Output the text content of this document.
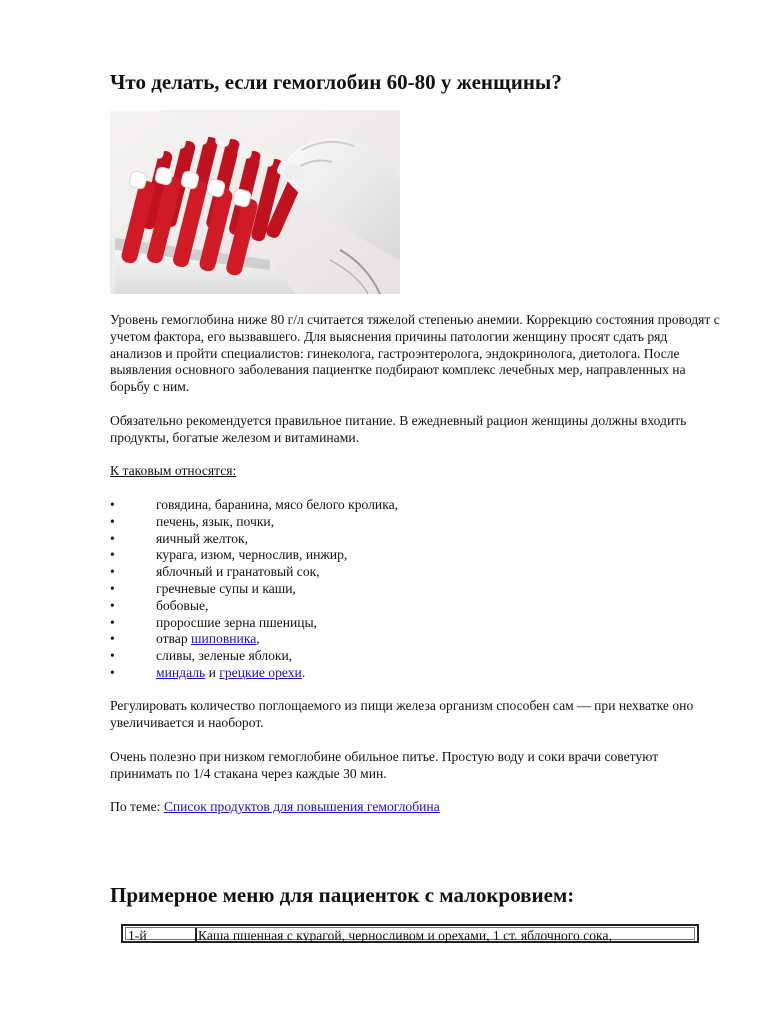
Что делать, если гемоглобин 60-80 у женщины?

Уровень гемоглобина ниже 80 г/л считается тяжелой степенью анемии. Коррекцию состояния проводят с учетом фактора, его вызвавшего. Для выяснения причины патологии женщину просят сдать ряд анализов и пройти специалистов: гинеколога, гастроэнтеролога, эндокринолога, диетолога. После выявления основного заболевания пациентке подбирают комплекс лечебных мер, направленных на борьбу с ним.

Обязательно рекомендуется правильное питание. В ежедневный рацион женщины должны входить продукты, богатые железом и витаминами.

К таковым относятся:

•	говядина, баранина, мясо белого кролика,
•	печень, язык, почки,
•	яичный желток,
•	курага, изюм, чернослив, инжир,
•	яблочный и гранатовый сок,
•	гречневые супы и каши,
•	бобовые,
•	проросшие зерна пшеницы,
•	отвар шиповника,
•	сливы, зеленые яблоки,
•	миндаль и грецкие орехи.

Регулировать количество поглощаемого из пищи железа организм способен сам — при нехватке оно увеличивается и наоборот.

Очень полезно при низком гемоглобине обильное питье. Простую воду и соки врачи советуют принимать по 1/4 стакана через каждые 30 мин.

По теме: Список продуктов для повышения гемоглобина

Примерное меню для пациенток с малокровием:
1-й	Каша пшенная с курагой, черносливом и орехами, 1 ст. яблочного сока,
